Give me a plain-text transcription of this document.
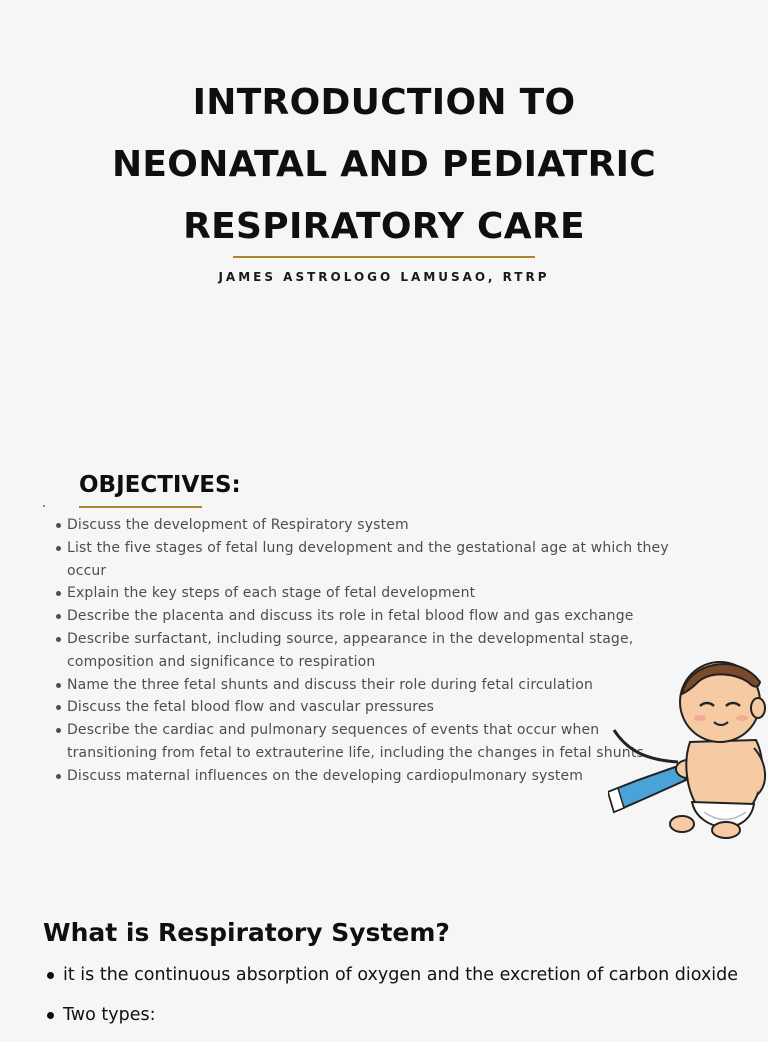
INTRODUCTION TO
NEONATAL AND PEDIATRIC
RESPIRATORY CARE
JAMES ASTROLOGO LAMUSAO, RTRP
OBJECTIVES:
Discuss the development of Respiratory system
List the five stages of fetal lung development and the gestational age at which they occur
Explain the key steps of each stage of fetal development
Describe the placenta and discuss its role in fetal blood flow and gas exchange
Describe surfactant, including source, appearance in the developmental stage, composition and significance to respiration
Name the three fetal shunts and discuss their role during fetal circulation
Discuss the fetal blood flow and vascular pressures
Describe the cardiac and pulmonary sequences of events that occur when transitioning from fetal to extrauterine life, including the changes in fetal shunts
Discuss maternal influences on the developing cardiopulmonary system
What is Respiratory System?
it is the continuous absorption of oxygen and the excretion of carbon dioxide
Two types:
